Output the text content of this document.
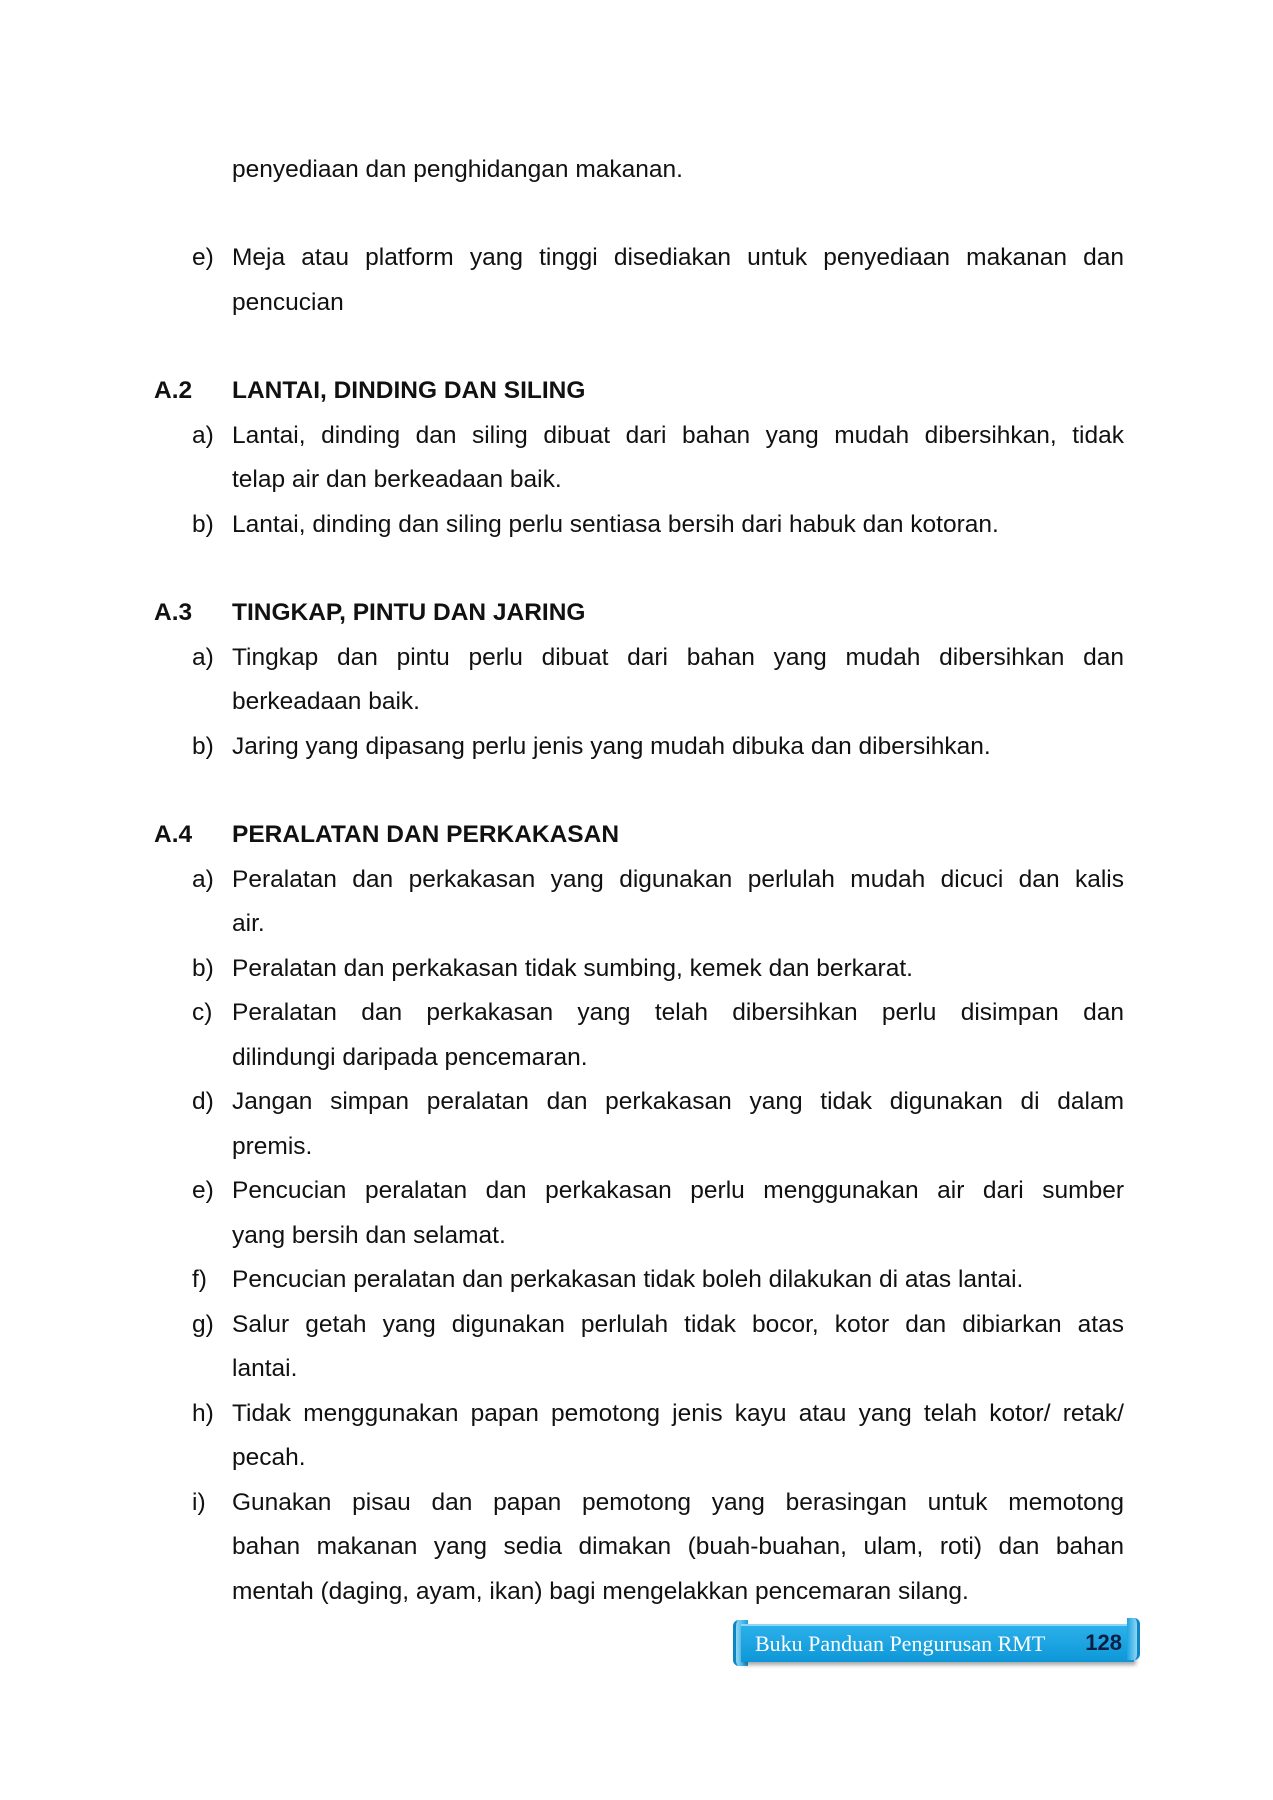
penyediaan dan penghidangan makanan.
e) Meja atau platform yang tinggi disediakan untuk penyediaan makanan dan
pencucian
A.2 LANTAI, DINDING DAN SILING
a) Lantai, dinding dan siling dibuat dari bahan yang mudah dibersihkan, tidak
telap air dan berkeadaan baik.
b) Lantai, dinding dan siling perlu sentiasa bersih dari habuk dan kotoran.
A.3 TINGKAP, PINTU DAN JARING
a) Tingkap dan pintu perlu dibuat dari bahan yang mudah dibersihkan dan
berkeadaan baik.
b) Jaring yang dipasang perlu jenis yang mudah dibuka dan dibersihkan.
A.4 PERALATAN DAN PERKAKASAN
a) Peralatan dan perkakasan yang digunakan perlulah mudah dicuci dan kalis
air.
b) Peralatan dan perkakasan tidak sumbing, kemek dan berkarat.
c) Peralatan dan perkakasan yang telah dibersihkan perlu disimpan dan
dilindungi daripada pencemaran.
d) Jangan simpan peralatan dan perkakasan yang tidak digunakan di dalam
premis.
e) Pencucian peralatan dan perkakasan perlu menggunakan air dari sumber
yang bersih dan selamat.
f) Pencucian peralatan dan perkakasan tidak boleh dilakukan di atas lantai.
g) Salur getah yang digunakan perlulah tidak bocor, kotor dan dibiarkan atas
lantai.
h) Tidak menggunakan papan pemotong jenis kayu atau yang telah kotor/ retak/
pecah.
i) Gunakan pisau dan papan pemotong yang berasingan untuk memotong
bahan makanan yang sedia dimakan (buah-buahan, ulam, roti) dan bahan
mentah (daging, ayam, ikan) bagi mengelakkan pencemaran silang.
Buku Panduan Pengurusan RMT 128
